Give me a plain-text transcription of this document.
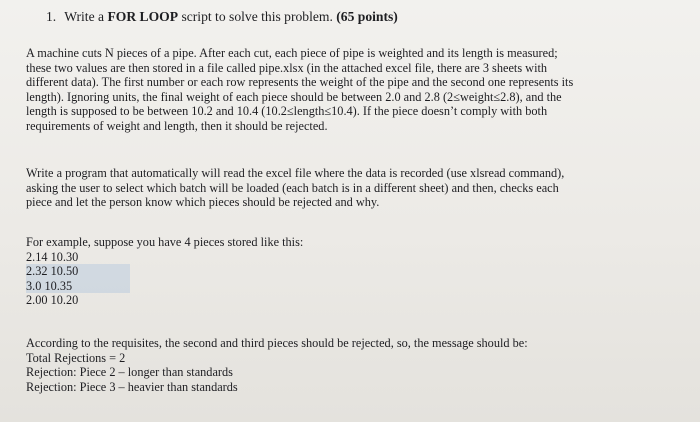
1. Write a FOR LOOP script to solve this problem. (65 points)
A machine cuts N pieces of a pipe. After each cut, each piece of pipe is weighted and its length is measured;
these two values are then stored in a file called pipe.xlsx (in the attached excel file, there are 3 sheets with
different data). The first number or each row represents the weight of the pipe and the second one represents its
length). Ignoring units, the final weight of each piece should be between 2.0 and 2.8 (2≤weight≤2.8), and the
length is supposed to be between 10.2 and 10.4 (10.2≤length≤10.4). If the piece doesn’t comply with both
requirements of weight and length, then it should be rejected.
Write a program that automatically will read the excel file where the data is recorded (use xlsread command),
asking the user to select which batch will be loaded (each batch is in a different sheet) and then, checks each
piece and let the person know which pieces should be rejected and why.
For example, suppose you have 4 pieces stored like this:
2.14 10.30
2.32 10.50
3.0 10.35
2.00 10.20
According to the requisites, the second and third pieces should be rejected, so, the message should be:
Total Rejections = 2
Rejection: Piece 2 – longer than standards
Rejection: Piece 3 – heavier than standards
